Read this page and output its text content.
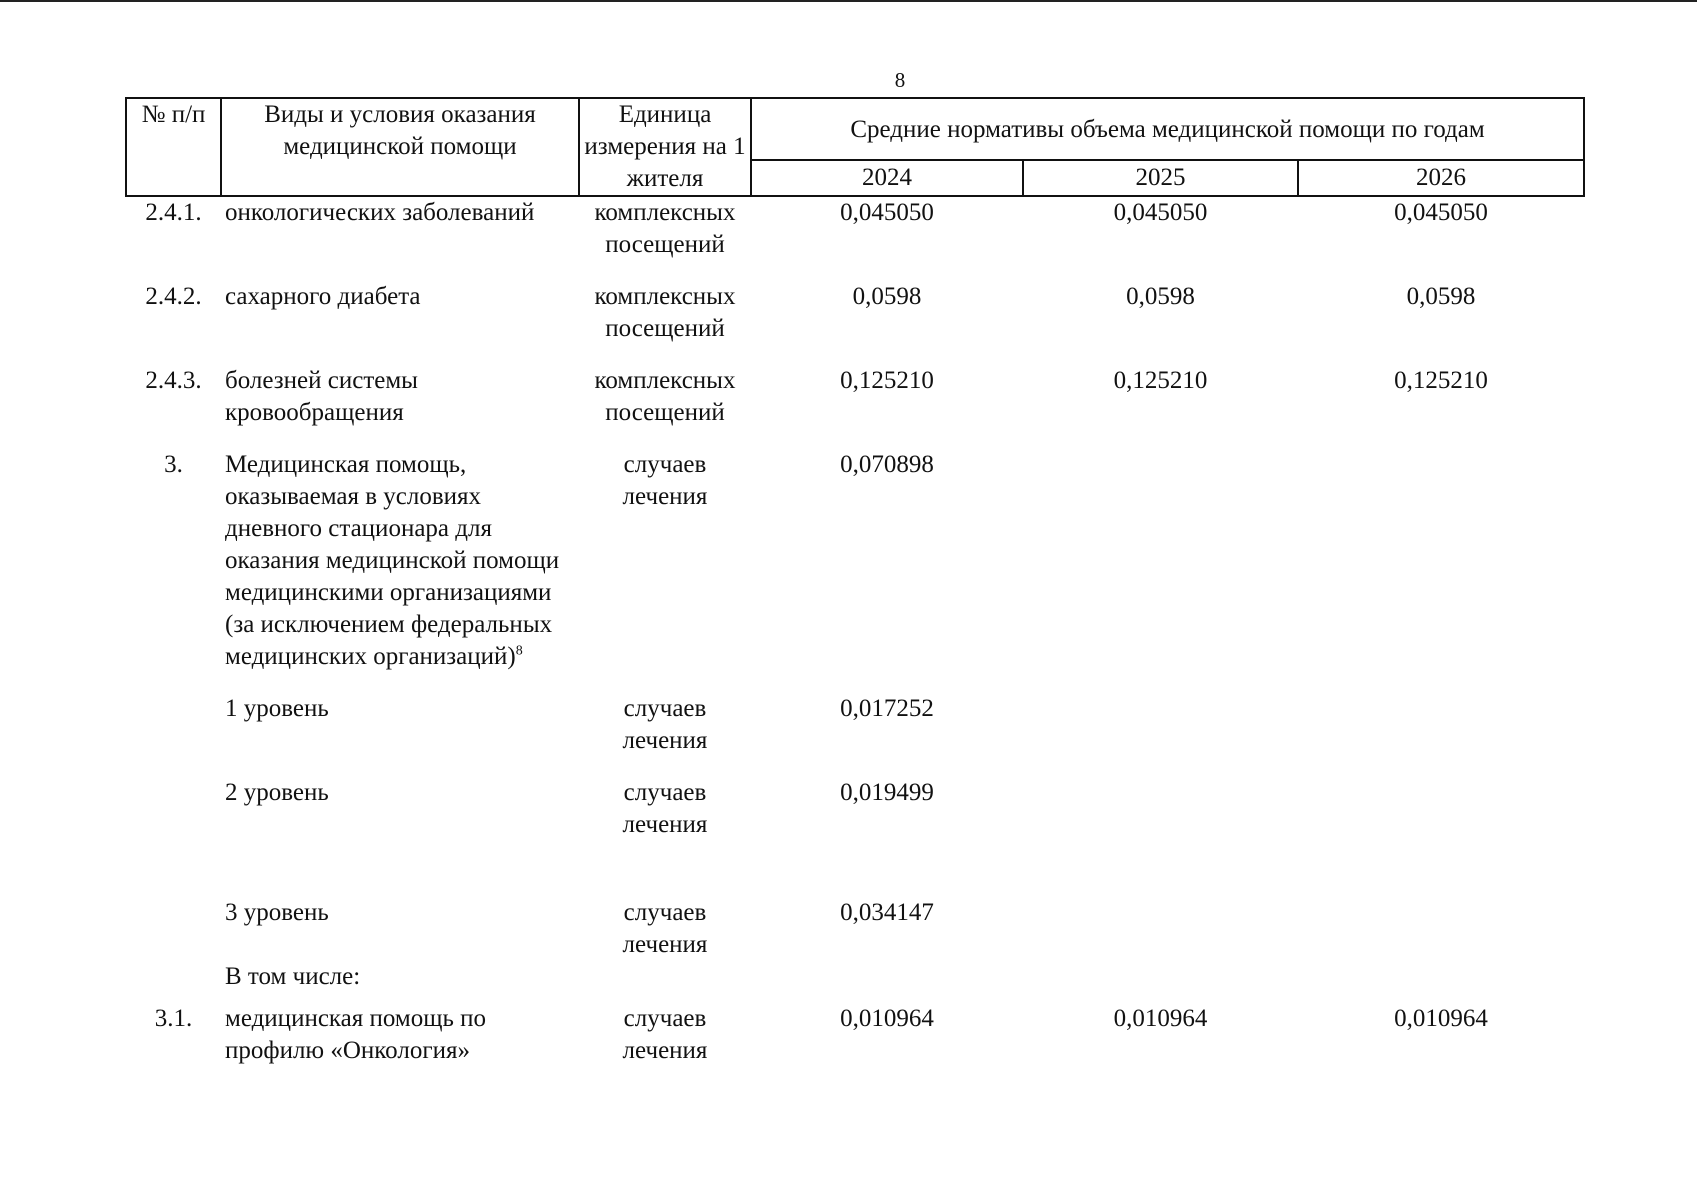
8
№ п/п	Виды и условия оказания медицинской помощи	Единица измерения на 1 жителя	Средние нормативы объема медицинской помощи по годам		
			2024	2025	2026
2.4.1.	онкологических заболеваний	комплексных посещений	0,045050	0,045050	0,045050
2.4.2.	сахарного диабета	комплексных посещений	0,0598	0,0598	0,0598
2.4.3.	болезней системы кровообращения	комплексных посещений	0,125210	0,125210	0,125210
3.	Медицинская помощь, оказываемая в условиях дневного стационара для оказания медицинской помощи медицинскими организациями (за исключением федеральных медицинских организаций)$^8$	случаев лечения	0,070898		
	1 уровень	случаев лечения	0,017252		
	2 уровень	случаев лечения	0,019499		
	3 уровень	случаев лечения	0,034147		
	В том числе:				
3.1.	медицинская помощь по профилю «Онкология»	случаев лечения	0,010964	0,010964	0,010964
